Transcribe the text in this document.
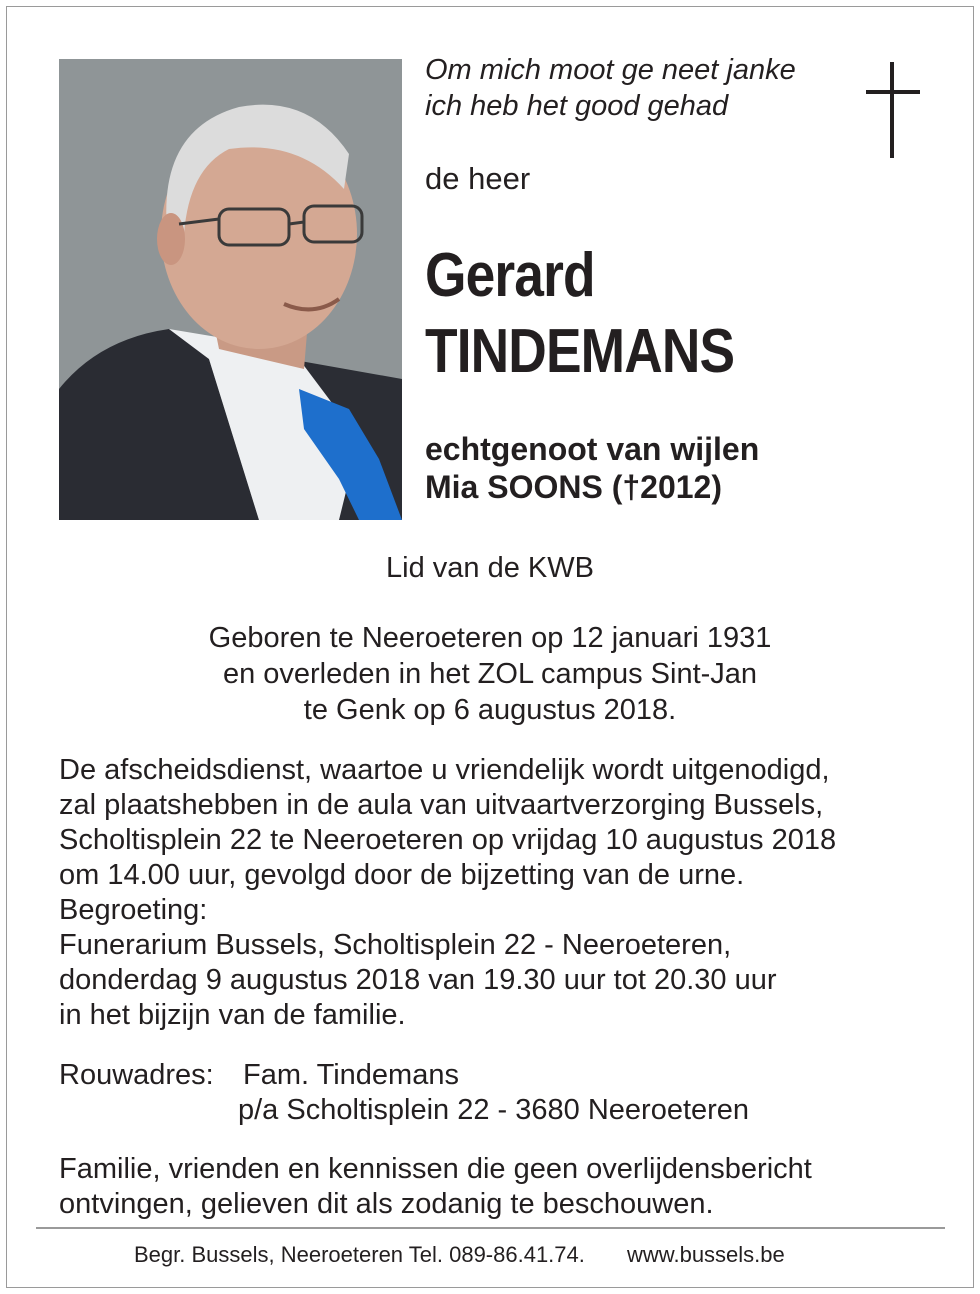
Om mich moot ge neet janke
ich heb het good gehad
de heer
Gerard
TINDEMANS
echtgenoot van wijlen
Mia SOONS (†2012)
Lid van de KWB
Geboren te Neeroeteren op 12 januari 1931
en overleden in het ZOL campus Sint-Jan
te Genk op 6 augustus 2018.
De afscheidsdienst, waartoe u vriendelijk wordt uitgenodigd,
zal plaatshebben in de aula van uitvaartverzorging Bussels,
Scholtisplein 22 te Neeroeteren op vrijdag 10 augustus 2018
om 14.00 uur, gevolgd door de bijzetting van de urne.
Begroeting:
Funerarium Bussels, Scholtisplein 22 - Neeroeteren,
donderdag 9 augustus 2018 van 19.30 uur tot 20.30 uur
in het bijzijn van de familie.
Rouwadres:	Fam. Tindemans
p/a Scholtisplein 22 - 3680 Neeroeteren
Familie, vrienden en kennissen die geen overlijdensbericht
ontvingen, gelieven dit als zodanig te beschouwen.
Begr. Bussels, Neeroeteren Tel. 089-86.41.74. www.bussels.be
